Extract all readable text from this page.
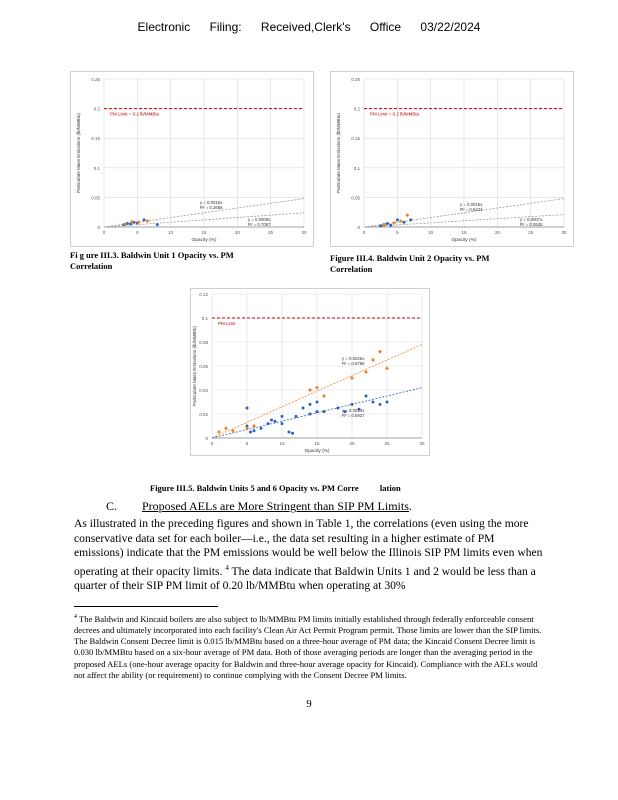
Electronic Filing: Received,Clerk's Office 03/22/2024
0.25
0.2
0.15
0.1
0.05
0
0	5	10	15	20	25	30
Particulate Mass Emissions (lb/MMBtu)
Opacity (%)
PM Limit = 0.2 lb/MMBtu
y = 0.0016x
R² = 0.2655
y = 0.0008x
R² = 0.7067
Fi g ure III.3. Baldwin Unit 1 Opacity vs. PM
Correlation
0.25
0.2
0.15
0.1
0.05
0
0	5	10	15	20	25	30
Particulate Mass Emissions (lb/MMBtu)
Opacity (%)
PM Limit = 0.2 lb/MMBtu
y = 0.0016x
R² = 0.6424
y = 0.0007x
R² = 0.5535
Figure III.4. Baldwin Unit 2 Opacity vs. PM
Correlation
0.12
0.1
0.08
0.06
0.04
0.02
0
0	5	10	15	20	25	30
Particulate Mass Emissions (lb/MMBtu)
Opacity (%)
PM Limit
y = 0.0026x
R² = 0.6786
y = 0.0014x
R² = 0.5927

Figure III.5. Baldwin Units 5 and 6 Opacity vs. PM Corre          lation

C. Proposed AELs are More Stringent than SIP PM Limits.
As illustrated in the preceding figures and shown in Table 1, the correlations (even using the more conservative data set for each boiler—i.e., the data set resulting in a higher estimate of PM emissions) indicate that the PM emissions would be well below the Illinois SIP PM limits even when operating at their opacity limits. $^4$ The data indicate that Baldwin Units 1 and 2 would be less than a quarter of their SIP PM limit of 0.20 lb/MMBtu when operating at 30%
$^4$ The Baldwin and Kincaid boilers are also subject to lb/MMBtu PM limits initially established through federally enforceable consent decrees and ultimately incorporated into each facility's Clean Air Act Permit Program permit. Those limits are lower than the SIP limits. The Baldwin Consent Decree limit is 0.015 lb/MMBtu based on a three-hour average of PM data; the Kincaid Consent Decree limit is 0.030 lb/MMBtu based on a six-hour average of PM data. Both of those averaging periods are longer than the averaging period in the proposed AELs (one-hour average opacity for Baldwin and three-hour average opacity for Kincaid). Compliance with the AELs would not affect the ability (or requirement) to continue complying with the Consent Decree PM limits.
9
